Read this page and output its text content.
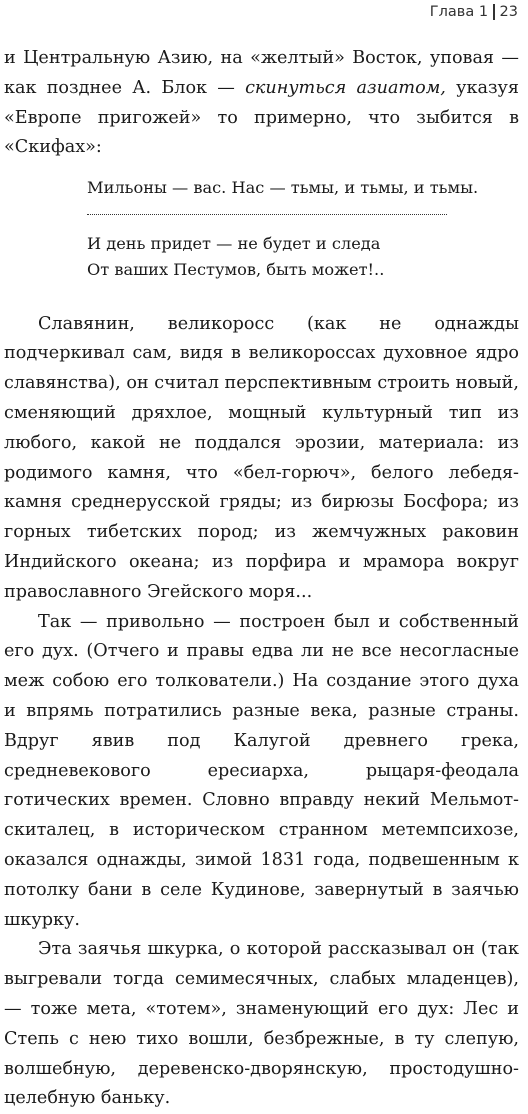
Глава 1 23

и Центральную Азию, на «желтый» Восток, уповая — как позднее А. Блок — скинуться азиатом, указуя «Европе пригожей» то примерно, что зыбится в «Скифах»:

Мильоны — вас. Нас — тьмы, и тьмы, и тьмы.
И день придет — не будет и следа
От ваших Пестумов, быть может!..

Славянин, великоросс (как не однажды подчеркивал сам, видя в великороссах духовное ядро славянства), он считал перспективным строить новый, сменяющий дряхлое, мощный культурный тип из любого, какой не поддался эрозии, материала: из родимого камня, что «бел-горюч», белого лебедя-камня среднерусской гряды; из бирюзы Босфора; из горных тибетских пород; из жемчужных раковин Индийского океана; из порфира и мрамора вокруг православного Эгейского моря...

Так — привольно — построен был и собственный его дух. (Отчего и правы едва ли не все несогласные меж собою его толкователи.) На создание этого духа и впрямь потратились разные века, разные страны. Вдруг явив под Калугой древнего грека, средневекового ересиарха, рыцаря-феодала готических времен. Словно вправду некий Мельмот-скиталец, в историческом странном метемпсихозе, оказался однажды, зимой 1831 года, подвешенным к потолку бани в селе Кудинове, завернутый в заячью шкурку.

Эта заячья шкурка, о которой рассказывал он (так выгревали тогда семимесячных, слабых младенцев), — тоже мета, «тотем», знаменующий его дух: Лес и Степь с нею тихо вошли, безбрежные, в ту слепую, волшебную, деревенско-дворянскую, простодушно-целебную баньку.
